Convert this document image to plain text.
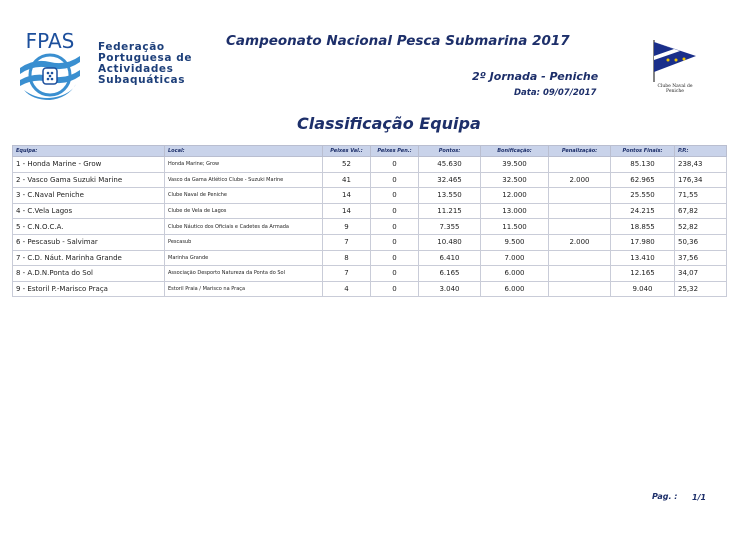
FPAS Federação
Portuguesa de
Actividades
Subaquáticas
Campeonato Nacional Pesca Submarina 2017
2º Jornada - Peniche
Data: 09/07/2017
Classificação Equipa
Clube Naval de Peniche
Equipa:	Local:	Peixes Val.:	Peixes Pen.:	Pontos:	Bonificação:	Penalização:	Pontos Finais:	P.P.:
1 - Honda Marine - Grow	Honda Marine; Grow	52	0	45.630	39.500		85.130	238,43
2 - Vasco Gama Suzuki Marine	Vasco da Gama Atlético Clube - Suzuki Marine	41	0	32.465	32.500	2.000	62.965	176,34
3 - C.Naval Peniche	Clube Naval de Peniche	14	0	13.550	12.000		25.550	71,55
4 - C.Vela Lagos	Clube de Vela de Lagos	14	0	11.215	13.000		24.215	67,82
5 - C.N.O.C.A.	Clube Náutico dos Oficiais e Cadetes da Armada	9	0	7.355	11.500		18.855	52,82
6 - Pescasub - Salvimar	Pescasub	7	0	10.480	9.500	2.000	17.980	50,36
7 - C.D. Náut. Marinha Grande	Marinha Grande	8	0	6.410	7.000		13.410	37,56
8 - A.D.N.Ponta do Sol	Associação Desporto Natureza da Ponta do Sol	7	0	6.165	6.000		12.165	34,07
9 - Estoril P.-Marisco Praça	Estoril Praia / Marisco na Praça	4	0	3.040	6.000		9.040	25,32
Pag. : 1/1
